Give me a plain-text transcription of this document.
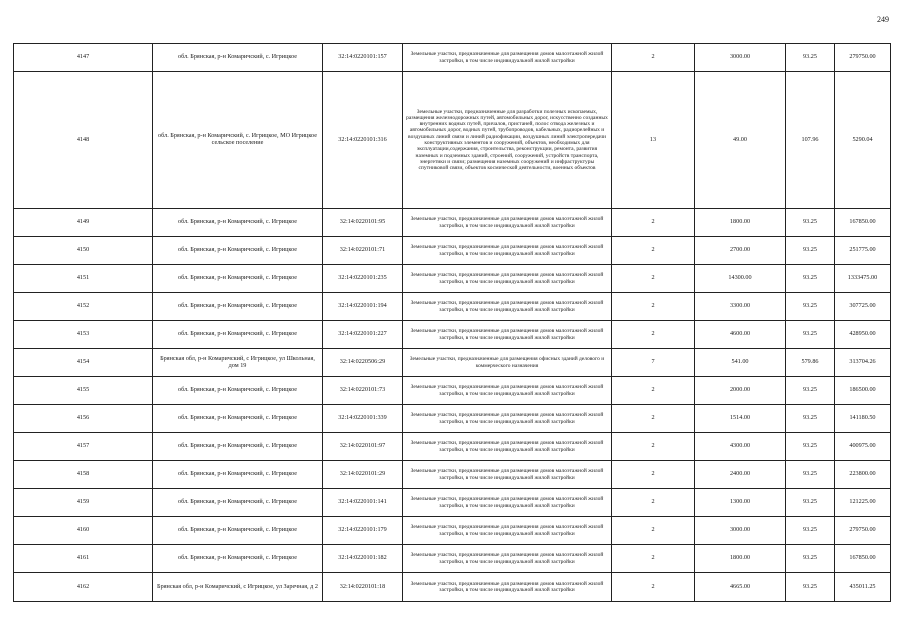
249
4147	обл. Брянская, р-н Комаричский, с. Игрицкое	32:14:0220101:157	Земельные участки, предназначенные для размещения домов малоэтажной жилой застройки, в том числе индивидуальной жилой застройки	2	3000.00	93.25	279750.00
4148	обл. Брянская, р-н Комаричский, с. Игрицкое, МО Игрицкое сельское поселение	32:14:0220101:316	Земельные участки, предназначенные для разработки полезных ископаемых, размещения железнодорожных путей, автомобильных дорог, искусственно созданных внутренних водных путей, причалов, пристаней, полос отвода железных и автомобильных дорог, водных путей, трубопроводов, кабельных, радиорелейных и воздушных линий связи и линий радиофикации, воздушных линий электропередачи конструктивных элементов и сооружений, объектов, необходимых для эксплуатации,содержания, строительства, реконструкции, ремонта, развития наземных и подземных зданий, строений, сооружений, устройств транспорта, энергетики и связи; размещения наземных сооружений и инфраструктуры спутниковой связи, объектов космической деятельности, военных объектов	13	49.00	107.96	5290.04
4149	обл. Брянская, р-н Комаричский, с. Игрицкое	32:14:0220101:95	Земельные участки, предназначенные для размещения домов малоэтажной жилой застройки, в том числе индивидуальной жилой застройки	2	1800.00	93.25	167850.00
4150	обл. Брянская, р-н Комаричский, с. Игрицкое	32:14:0220101:71	Земельные участки, предназначенные для размещения домов малоэтажной жилой застройки, в том числе индивидуальной жилой застройки	2	2700.00	93.25	251775.00
4151	обл. Брянская, р-н Комаричский, с. Игрицкое	32:14:0220101:235	Земельные участки, предназначенные для размещения домов малоэтажной жилой застройки, в том числе индивидуальной жилой застройки	2	14300.00	93.25	1333475.00
4152	обл. Брянская, р-н Комаричский, с. Игрицкое	32:14:0220101:194	Земельные участки, предназначенные для размещения домов малоэтажной жилой застройки, в том числе индивидуальной жилой застройки	2	3300.00	93.25	307725.00
4153	обл. Брянская, р-н Комаричский, с. Игрицкое	32:14:0220101:227	Земельные участки, предназначенные для размещения домов малоэтажной жилой застройки, в том числе индивидуальной жилой застройки	2	4600.00	93.25	428950.00
4154	Брянская обл, р-н Комаричский, с Игрицкое, ул Школьная, дом 19	32:14:0220506:29	Земельные участки, предназначенные для размещения офисных зданий делового и коммерческого назначения	7	541.00	579.86	313704.26
4155	обл. Брянская, р-н Комаричский, с. Игрицкое	32:14:0220101:73	Земельные участки, предназначенные для размещения домов малоэтажной жилой застройки, в том числе индивидуальной жилой застройки	2	2000.00	93.25	186500.00
4156	обл. Брянская, р-н Комаричский, с. Игрицкое	32:14:0220101:339	Земельные участки, предназначенные для размещения домов малоэтажной жилой застройки, в том числе индивидуальной жилой застройки	2	1514.00	93.25	141180.50
4157	обл. Брянская, р-н Комаричский, с. Игрицкое	32:14:0220101:97	Земельные участки, предназначенные для размещения домов малоэтажной жилой застройки, в том числе индивидуальной жилой застройки	2	4300.00	93.25	400975.00
4158	обл. Брянская, р-н Комаричский, с. Игрицкое	32:14:0220101:29	Земельные участки, предназначенные для размещения домов малоэтажной жилой застройки, в том числе индивидуальной жилой застройки	2	2400.00	93.25	223800.00
4159	обл. Брянская, р-н Комаричский, с. Игрицкое	32:14:0220101:141	Земельные участки, предназначенные для размещения домов малоэтажной жилой застройки, в том числе индивидуальной жилой застройки	2	1300.00	93.25	121225.00
4160	обл. Брянская, р-н Комаричский, с. Игрицкое	32:14:0220101:179	Земельные участки, предназначенные для размещения домов малоэтажной жилой застройки, в том числе индивидуальной жилой застройки	2	3000.00	93.25	279750.00
4161	обл. Брянская, р-н Комаричский, с. Игрицкое	32:14:0220101:182	Земельные участки, предназначенные для размещения домов малоэтажной жилой застройки, в том числе индивидуальной жилой застройки	2	1800.00	93.25	167850.00
4162	Брянская обл, р-н Комаричский, с Игрицкое, ул Заречная, д 2	32:14:0220101:18	Земельные участки, предназначенные для размещения домов малоэтажной жилой застройки, в том числе индивидуальной жилой застройки	2	4665.00	93.25	435011.25
